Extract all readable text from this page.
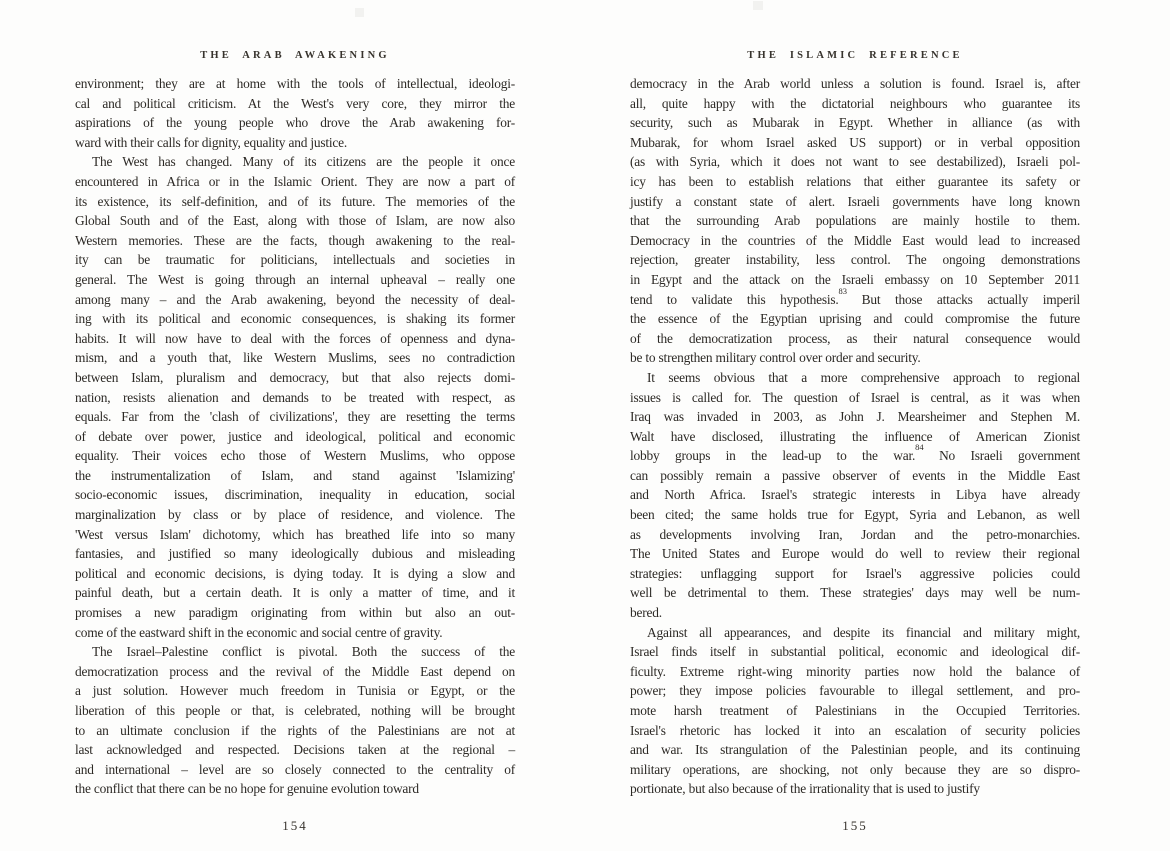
THE ARAB AWAKENING
environment; they are at home with the tools of intellectual, ideologi-
cal and political criticism. At the West's very core, they mirror the
aspirations of the young people who drove the Arab awakening for-
ward with their calls for dignity, equality and justice.
The West has changed. Many of its citizens are the people it once
encountered in Africa or in the Islamic Orient. They are now a part of
its existence, its self-definition, and of its future. The memories of the
Global South and of the East, along with those of Islam, are now also
Western memories. These are the facts, though awakening to the real-
ity can be traumatic for politicians, intellectuals and societies in
general. The West is going through an internal upheaval – really one
among many – and the Arab awakening, beyond the necessity of deal-
ing with its political and economic consequences, is shaking its former
habits. It will now have to deal with the forces of openness and dyna-
mism, and a youth that, like Western Muslims, sees no contradiction
between Islam, pluralism and democracy, but that also rejects domi-
nation, resists alienation and demands to be treated with respect, as
equals. Far from the 'clash of civilizations', they are resetting the terms
of debate over power, justice and ideological, political and economic
equality. Their voices echo those of Western Muslims, who oppose
the instrumentalization of Islam, and stand against 'Islamizing'
socio-economic issues, discrimination, inequality in education, social
marginalization by class or by place of residence, and violence. The
'West versus Islam' dichotomy, which has breathed life into so many
fantasies, and justified so many ideologically dubious and misleading
political and economic decisions, is dying today. It is dying a slow and
painful death, but a certain death. It is only a matter of time, and it
promises a new paradigm originating from within but also an out-
come of the eastward shift in the economic and social centre of gravity.
The Israel–Palestine conflict is pivotal. Both the success of the
democratization process and the revival of the Middle East depend on
a just solution. However much freedom in Tunisia or Egypt, or the
liberation of this people or that, is celebrated, nothing will be brought
to an ultimate conclusion if the rights of the Palestinians are not at
last acknowledged and respected. Decisions taken at the regional –
and international – level are so closely connected to the centrality of
the conflict that there can be no hope for genuine evolution toward
154
THE ISLAMIC REFERENCE
democracy in the Arab world unless a solution is found. Israel is, after
all, quite happy with the dictatorial neighbours who guarantee its
security, such as Mubarak in Egypt. Whether in alliance (as with
Mubarak, for whom Israel asked US support) or in verbal opposition
(as with Syria, which it does not want to see destabilized), Israeli pol-
icy has been to establish relations that either guarantee its safety or
justify a constant state of alert. Israeli governments have long known
that the surrounding Arab populations are mainly hostile to them.
Democracy in the countries of the Middle East would lead to increased
rejection, greater instability, less control. The ongoing demonstrations
in Egypt and the attack on the Israeli embassy on 10 September 2011
tend to validate this hypothesis.$^{83}$ But those attacks actually imperil
the essence of the Egyptian uprising and could compromise the future
of the democratization process, as their natural consequence would
be to strengthen military control over order and security.
It seems obvious that a more comprehensive approach to regional
issues is called for. The question of Israel is central, as it was when
Iraq was invaded in 2003, as John J. Mearsheimer and Stephen M.
Walt have disclosed, illustrating the influence of American Zionist
lobby groups in the lead-up to the war.$^{84}$ No Israeli government
can possibly remain a passive observer of events in the Middle East
and North Africa. Israel's strategic interests in Libya have already
been cited; the same holds true for Egypt, Syria and Lebanon, as well
as developments involving Iran, Jordan and the petro-monarchies.
The United States and Europe would do well to review their regional
strategies: unflagging support for Israel's aggressive policies could
well be detrimental to them. These strategies' days may well be num-
bered.
Against all appearances, and despite its financial and military might,
Israel finds itself in substantial political, economic and ideological dif-
ficulty. Extreme right-wing minority parties now hold the balance of
power; they impose policies favourable to illegal settlement, and pro-
mote harsh treatment of Palestinians in the Occupied Territories.
Israel's rhetoric has locked it into an escalation of security policies
and war. Its strangulation of the Palestinian people, and its continuing
military operations, are shocking, not only because they are so dispro-
portionate, but also because of the irrationality that is used to justify
155
